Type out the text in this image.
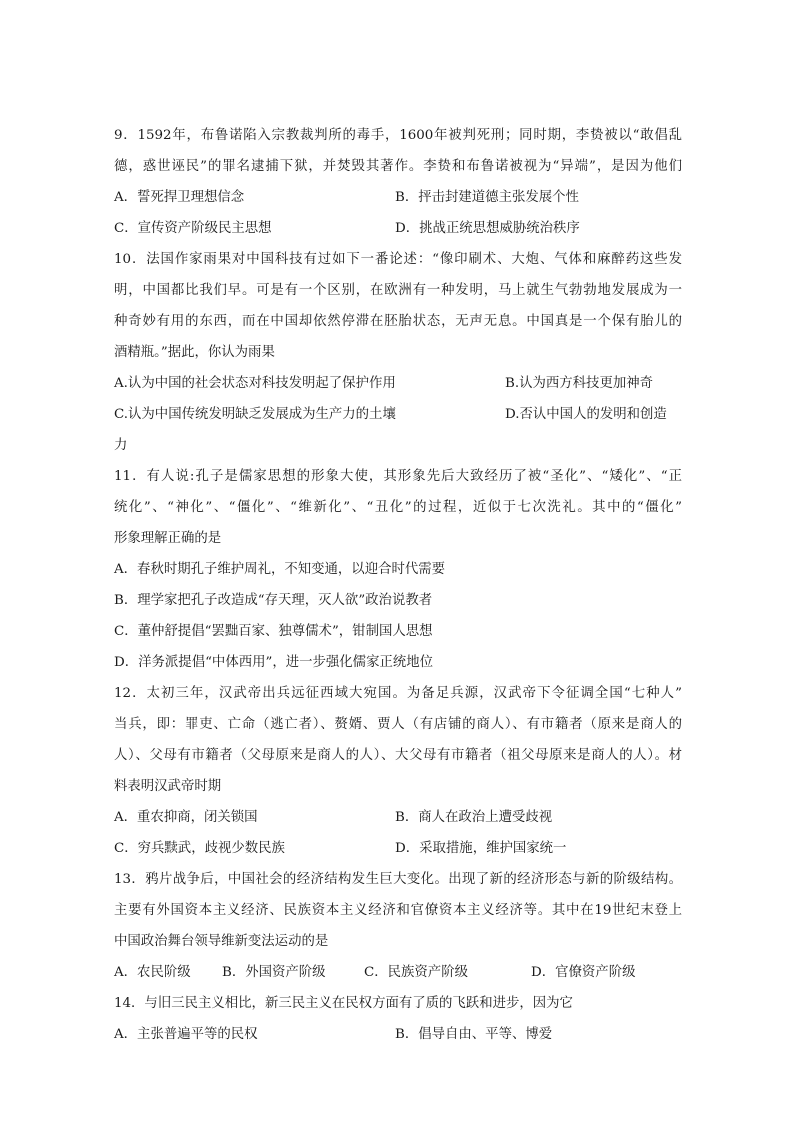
9．1592年，布鲁诺陷入宗教裁判所的毒手，1600年被判死刑；同时期，李贽被以“敢倡乱
德，惑世诬民”的罪名逮捕下狱，并焚毁其著作。李贽和布鲁诺被视为“异端”，是因为他们
A．誓死捍卫理想信念	B．抨击封建道德主张发展个性
C．宣传资产阶级民主思想	D．挑战正统思想威胁统治秩序
10．法国作家雨果对中国科技有过如下一番论述：“像印刷术、大炮、气体和麻醉药这些发
明，中国都比我们早。可是有一个区别，在欧洲有一种发明，马上就生气勃勃地发展成为一
种奇妙有用的东西，而在中国却依然停滞在胚胎状态，无声无息。中国真是一个保有胎儿的
酒精瓶。”据此，你认为雨果
A.认为中国的社会状态对科技发明起了保护作用	B.认为西方科技更加神奇
C.认为中国传统发明缺乏发展成为生产力的土壤	D.否认中国人的发明和创造
力
11．有人说:孔子是儒家思想的形象大使，其形象先后大致经历了被“圣化”、“矮化”、“正
统化”、“神化”、“僵化”、“维新化”、“丑化”的过程，近似于七次洗礼。其中的“僵化”
形象理解正确的是
A．春秋时期孔子维护周礼，不知变通，以迎合时代需要
B．理学家把孔子改造成“存天理，灭人欲”政治说教者
C．董仲舒提倡“罢黜百家、独尊儒术”，钳制国人思想
D．洋务派提倡“中体西用”，进一步强化儒家正统地位
12．太初三年，汉武帝出兵远征西域大宛国。为备足兵源，汉武帝下令征调全国“七种人”
当兵，即：罪吏、亡命（逃亡者）、赘婿、贾人（有店铺的商人）、有市籍者（原来是商人的
人）、父母有市籍者（父母原来是商人的人）、大父母有市籍者（祖父母原来是商人的人）。材
料表明汉武帝时期
A．重农抑商，闭关锁国	B．商人在政治上遭受歧视
C．穷兵黩武，歧视少数民族	D．采取措施，维护国家统一
13．鸦片战争后，中国社会的经济结构发生巨大变化。出现了新的经济形态与新的阶级结构。
主要有外国资本主义经济、民族资本主义经济和官僚资本主义经济等。其中在19世纪末登上
中国政治舞台领导维新变法运动的是
A．农民阶级 B．外国资产阶级	C．民族资产阶级	D．官僚资产阶级
14．与旧三民主义相比，新三民主义在民权方面有了质的飞跃和进步，因为它
A．主张普遍平等的民权	B．倡导自由、平等、博爱
